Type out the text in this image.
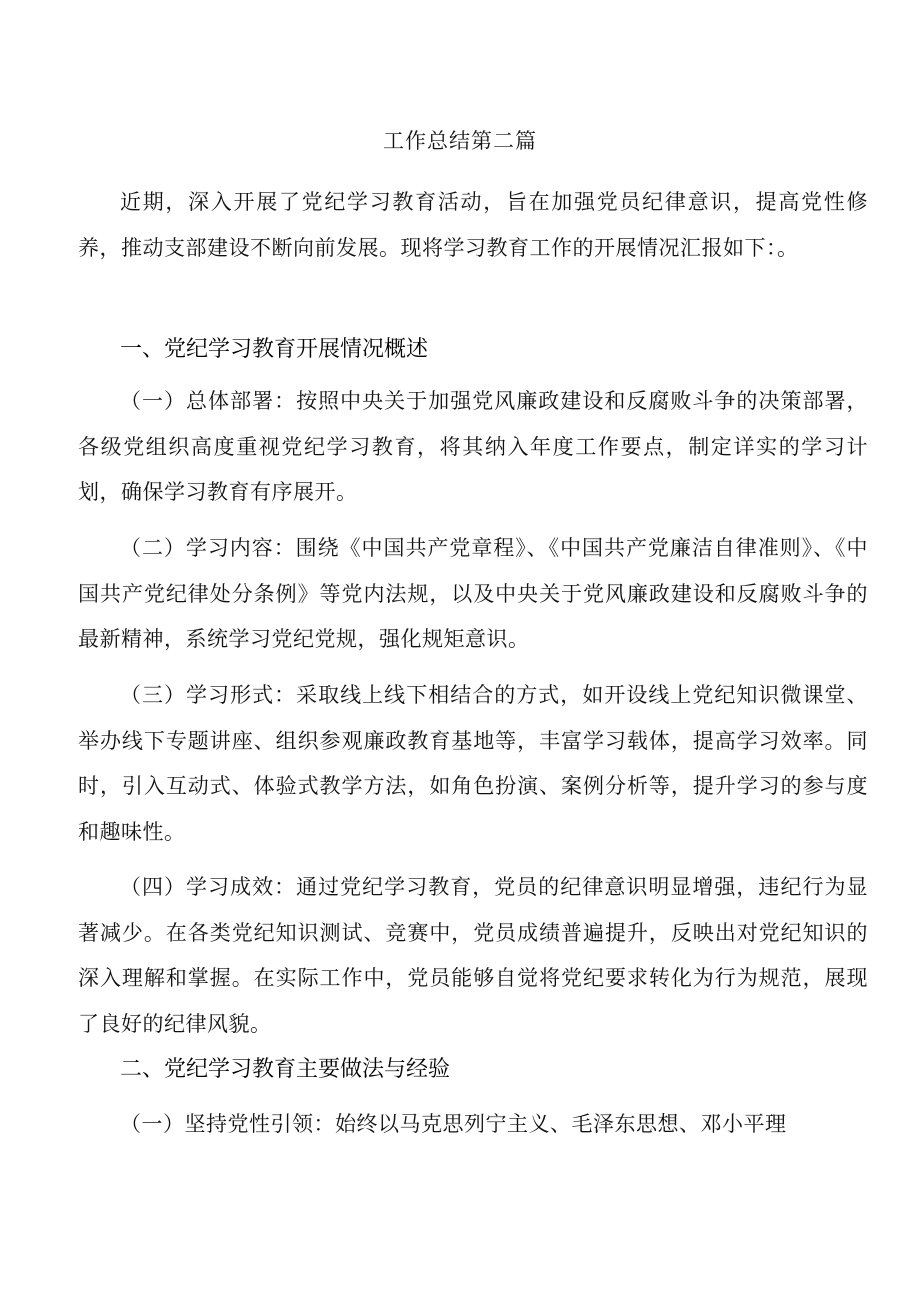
工作总结第二篇

近期，深入开展了党纪学习教育活动，旨在加强党员纪律意识，提高党性修养，推动支部建设不断向前发展。现将学习教育工作的开展情况汇报如下：。

一、党纪学习教育开展情况概述

（一）总体部署：按照中央关于加强党风廉政建设和反腐败斗争的决策部署，各级党组织高度重视党纪学习教育，将其纳入年度工作要点，制定详实的学习计划，确保学习教育有序展开。

（二）学习内容：围绕《中国共产党章程》、《中国共产党廉洁自律准则》、《中国共产党纪律处分条例》等党内法规，以及中央关于党风廉政建设和反腐败斗争的最新精神，系统学习党纪党规，强化规矩意识。

（三）学习形式：采取线上线下相结合的方式，如开设线上党纪知识微课堂、举办线下专题讲座、组织参观廉政教育基地等，丰富学习载体，提高学习效率。同时，引入互动式、体验式教学方法，如角色扮演、案例分析等，提升学习的参与度和趣味性。

（四）学习成效：通过党纪学习教育，党员的纪律意识明显增强，违纪行为显著减少。在各类党纪知识测试、竞赛中，党员成绩普遍提升，反映出对党纪知识的深入理解和掌握。在实际工作中，党员能够自觉将党纪要求转化为行为规范，展现了良好的纪律风貌。

二、党纪学习教育主要做法与经验

（一）坚持党性引领：始终以马克思列宁主义、毛泽东思想、邓小平理
